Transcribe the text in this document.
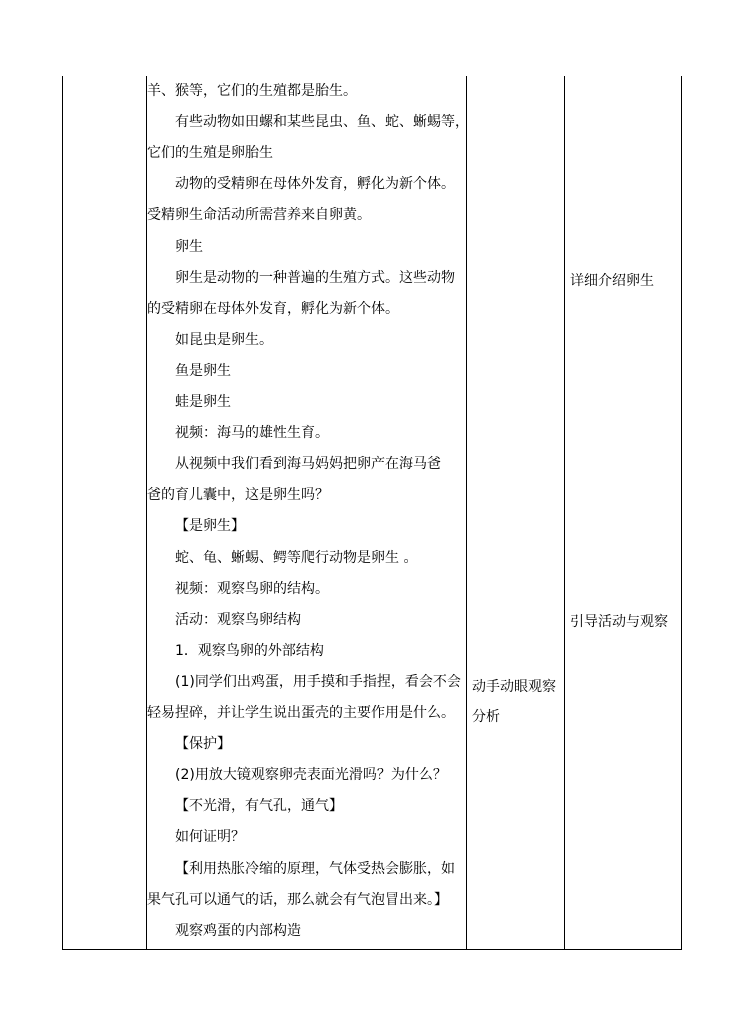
羊、猴等，它们的生殖都是胎生。
有些动物如田螺和某些昆虫、鱼、蛇、蜥蜴等，
它们的生殖是卵胎生
动物的受精卵在母体外发育，孵化为新个体。
受精卵生命活动所需营养来自卵黄。
卵生
卵生是动物的一种普遍的生殖方式。这些动物
的受精卵在母体外发育，孵化为新个体。
如昆虫是卵生。
鱼是卵生
蛙是卵生
视频：海马的雄性生育。
从视频中我们看到海马妈妈把卵产在海马爸
爸的育儿囊中，这是卵生吗？
【是卵生】
蛇、龟、蜥蜴、鳄等爬行动物是卵生 。
视频：观察鸟卵的结构。
活动：观察鸟卵结构
1．观察鸟卵的外部结构
(1)同学们出鸡蛋，用手摸和手指捏，看会不会
轻易捏碎，并让学生说出蛋壳的主要作用是什么。
【保护】
(2)用放大镜观察卵壳表面光滑吗？为什么？
【不光滑，有气孔，通气】
如何证明？
【利用热胀冷缩的原理，气体受热会膨胀，如
果气孔可以通气的话，那么就会有气泡冒出来。】
观察鸡蛋的内部构造
动手动眼观察
分析
详细介绍卵生
引导活动与观察
